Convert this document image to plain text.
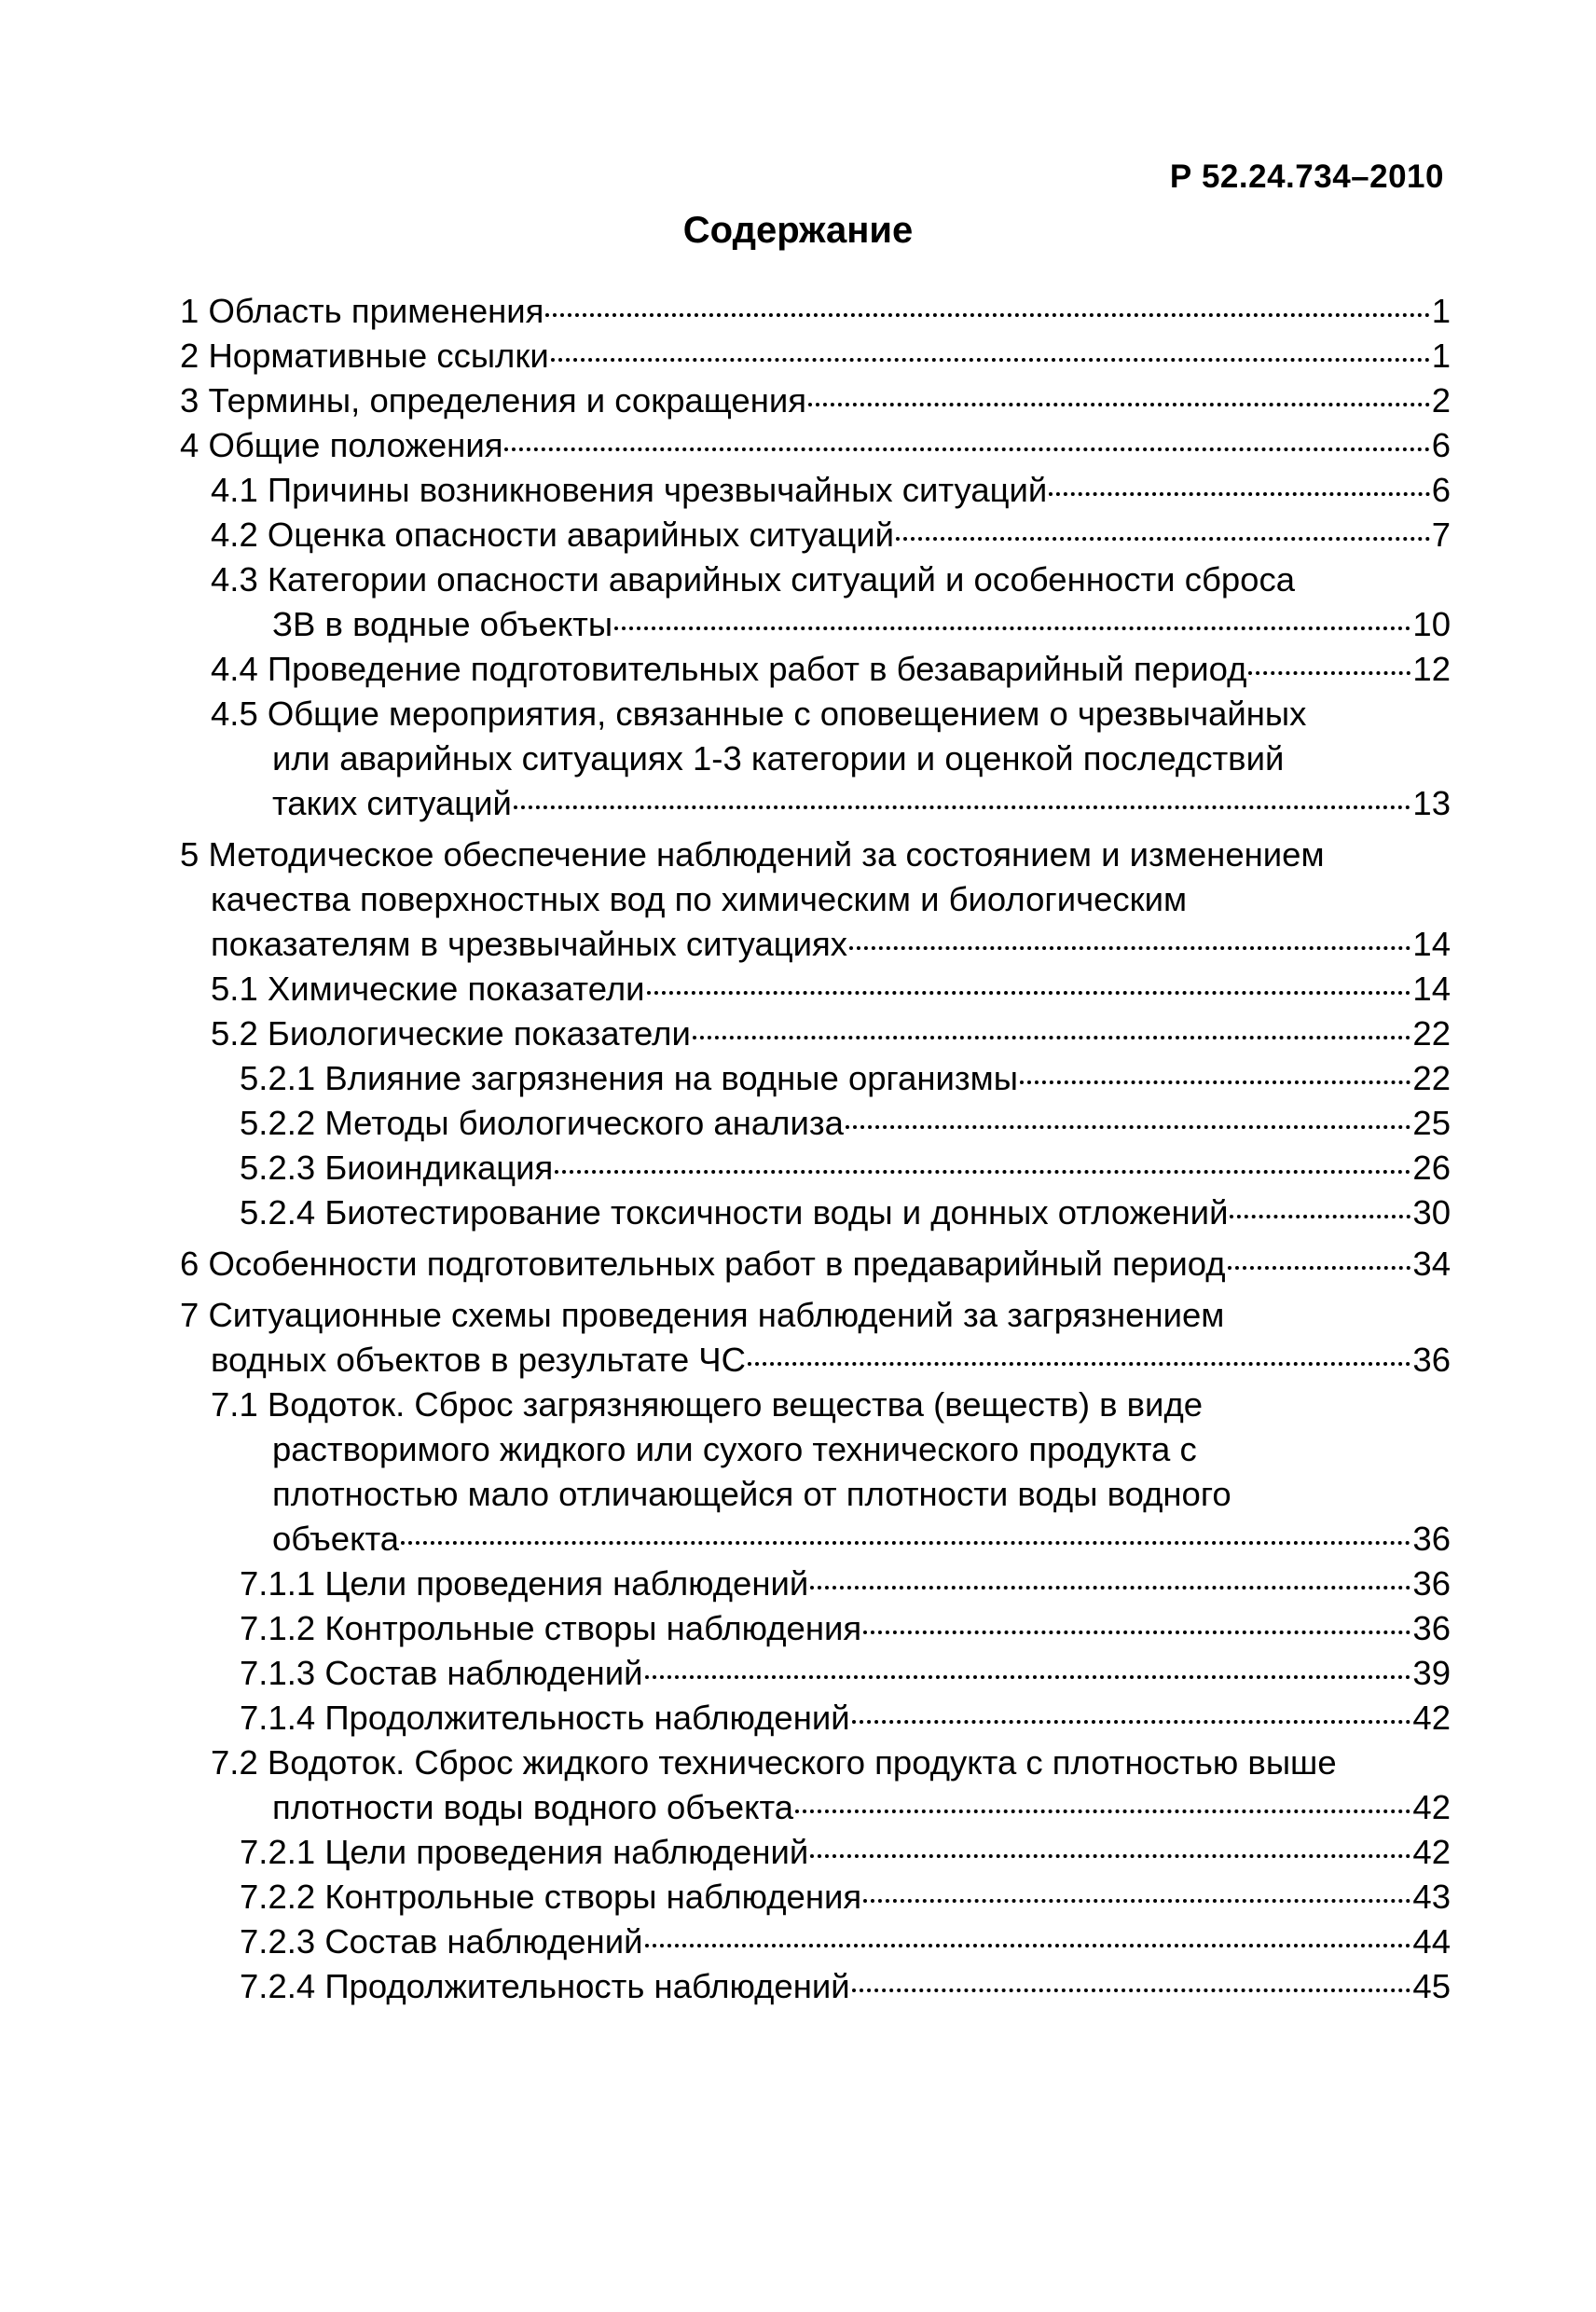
Р 52.24.734–2010
Содержание
1 Область применения	1
2 Нормативные ссылки	1
3 Термины, определения и сокращения	2
4 Общие положения	6
4.1 Причины возникновения чрезвычайных ситуаций	6
4.2 Оценка опасности аварийных ситуаций	7
4.3 Категории опасности аварийных ситуаций и особенности сброса
ЗВ в водные объекты	10
4.4 Проведение подготовительных работ в безаварийный период	12
4.5 Общие мероприятия, связанные с оповещением о чрезвычайных
или аварийных ситуациях 1-3 категории и оценкой последствий
таких ситуаций	13
5 Методическое обеспечение наблюдений за состоянием и изменением
качества поверхностных вод по химическим и биологическим
показателям в чрезвычайных ситуациях	14
5.1 Химические показатели	14
5.2 Биологические показатели	22
5.2.1 Влияние загрязнения на водные организмы	22
5.2.2 Методы биологического анализа	25
5.2.3 Биоиндикация	26
5.2.4 Биотестирование токсичности воды и донных отложений	30
6 Особенности подготовительных работ в предаварийный период	34
7 Ситуационные схемы проведения наблюдений за загрязнением
водных объектов в результате ЧС	36
7.1 Водоток. Сброс загрязняющего вещества (веществ) в виде
растворимого жидкого или сухого технического продукта с
плотностью мало отличающейся от плотности воды водного
объекта	36
7.1.1 Цели проведения наблюдений	36
7.1.2 Контрольные створы наблюдения	36
7.1.3 Состав наблюдений	39
7.1.4 Продолжительность наблюдений	42
7.2 Водоток. Сброс жидкого технического продукта с плотностью выше
плотности воды водного объекта	42
7.2.1 Цели проведения наблюдений	42
7.2.2 Контрольные створы наблюдения	43
7.2.3 Состав наблюдений	44
7.2.4 Продолжительность наблюдений	45
